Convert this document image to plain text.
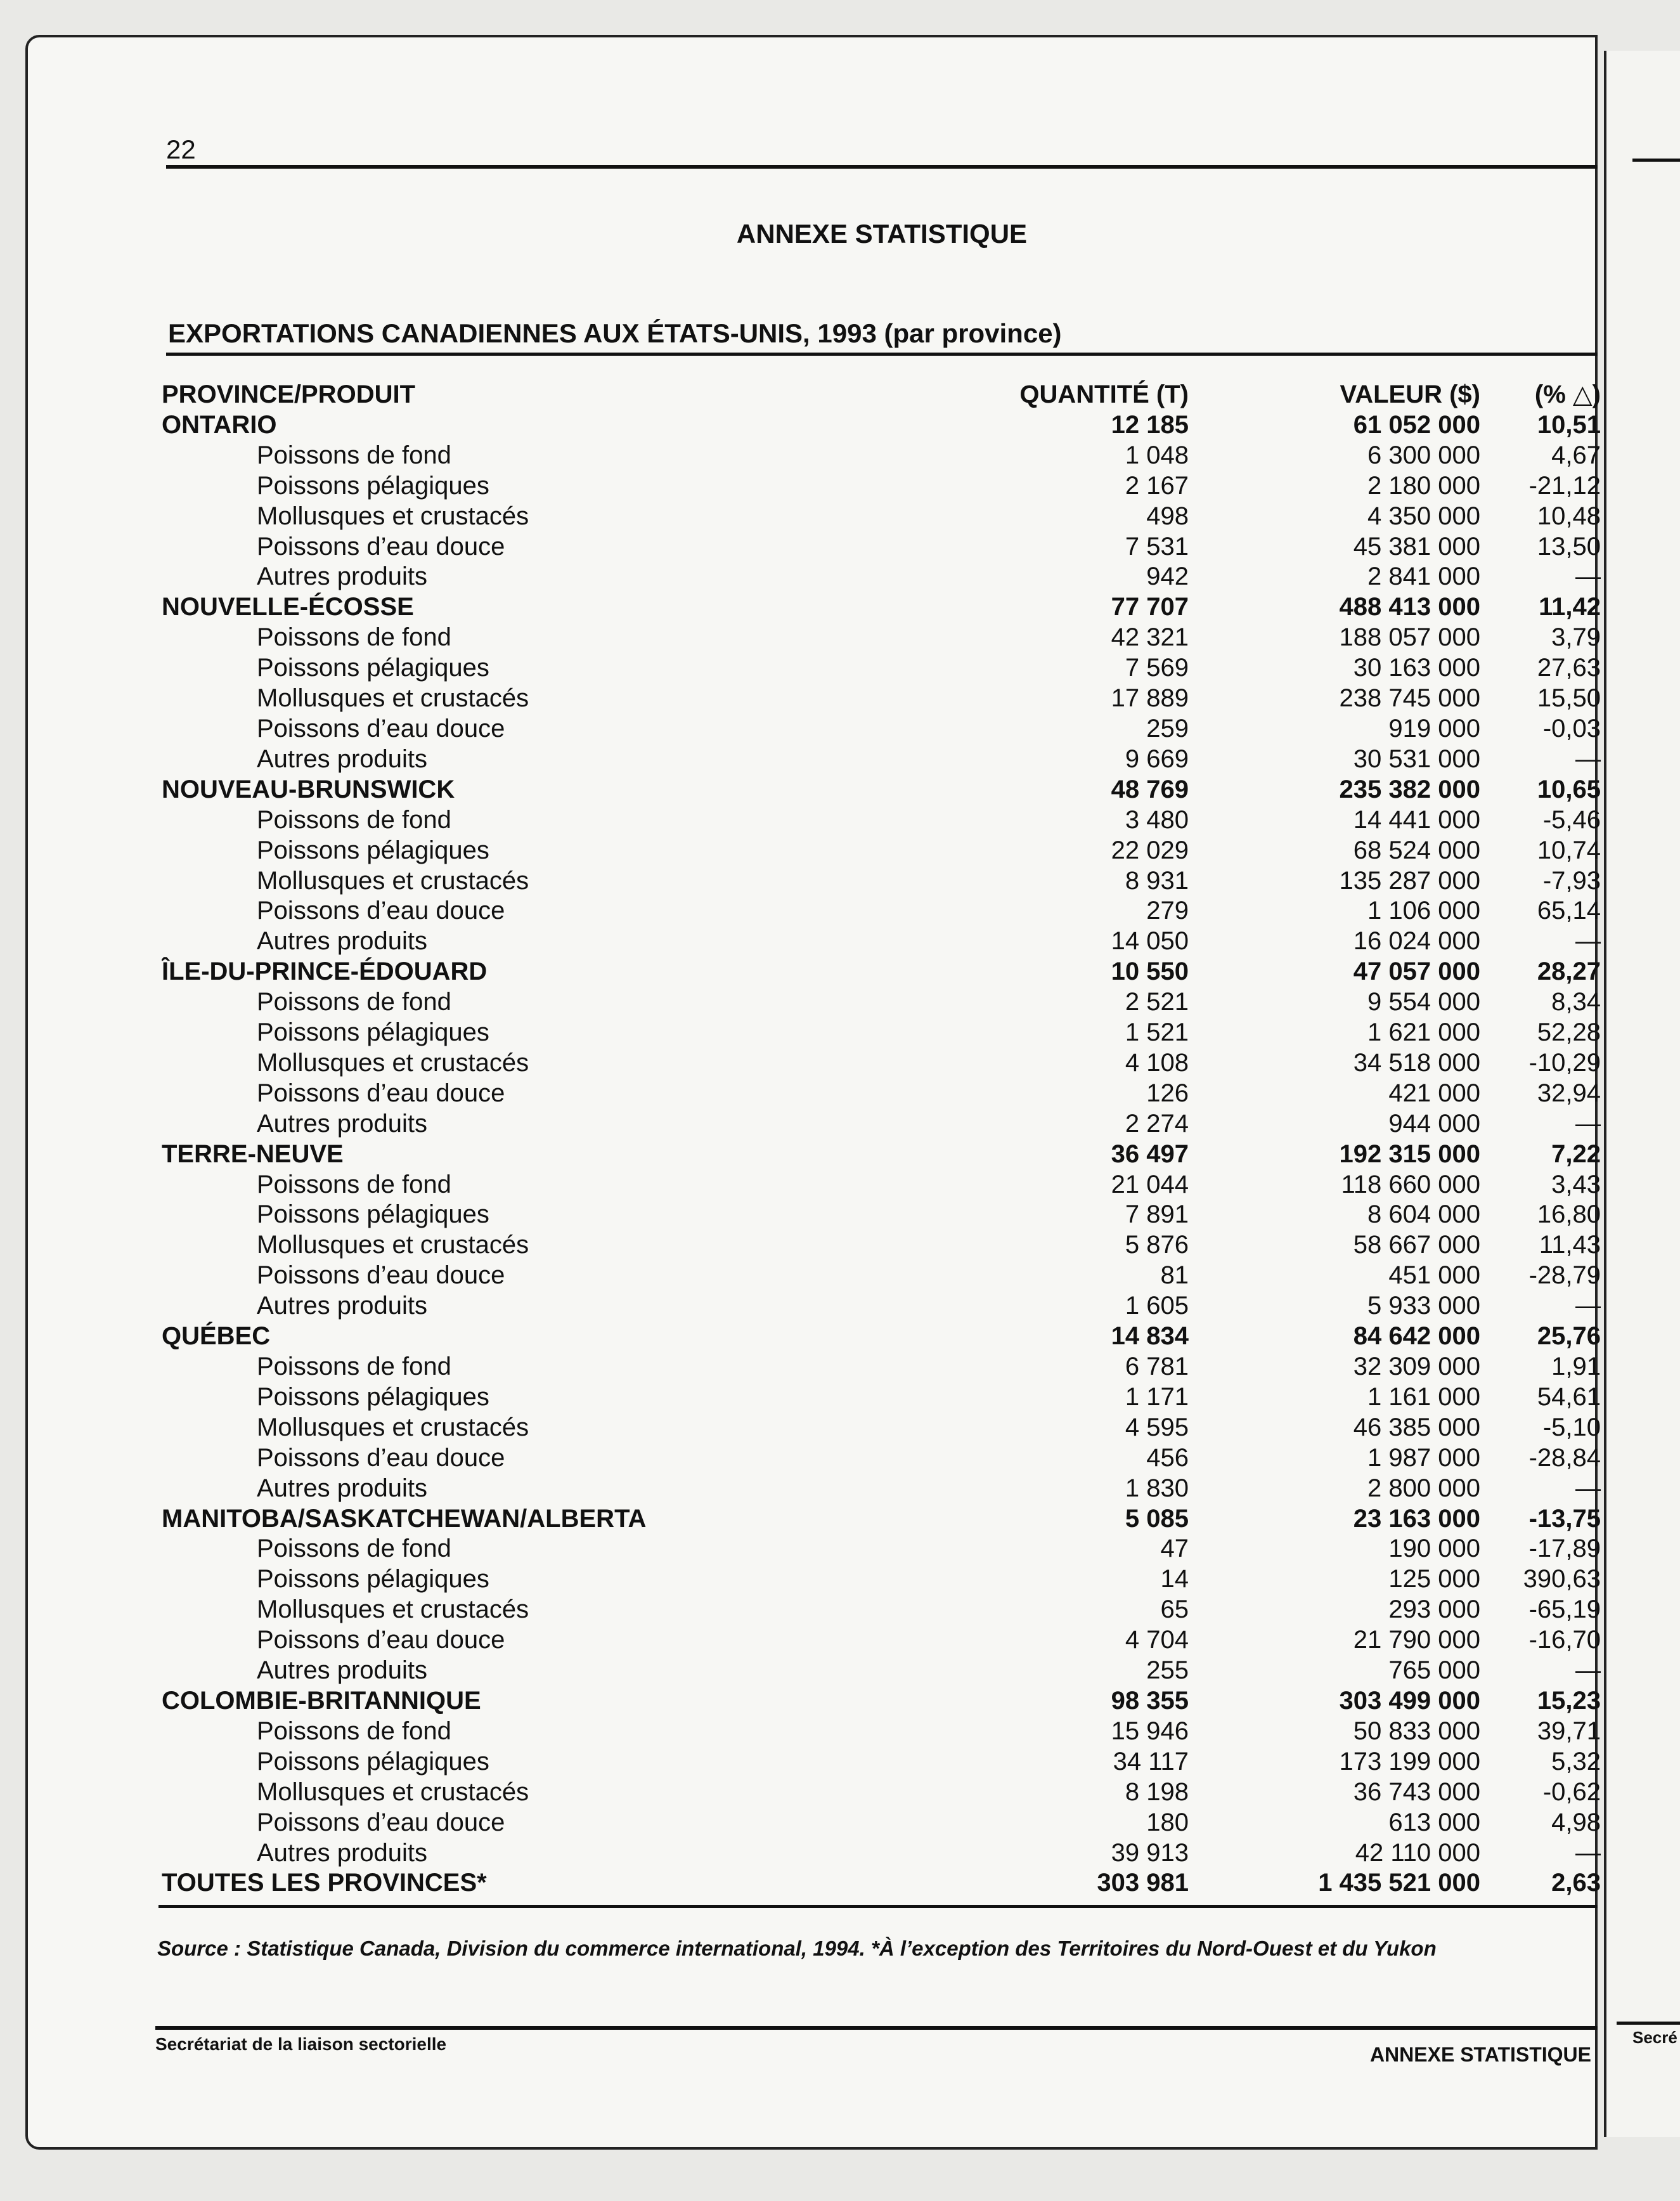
Secré
22
ANNEXE STATISTIQUE
EXPORTATIONS CANADIENNES AUX ÉTATS-UNIS, 1993 (par province)
PROVINCE/PRODUIT	QUANTITÉ (T)	VALEUR ($)	(% △)
ONTARIO	12 185	61 052 000	10,51
Poissons de fond	1 048	6 300 000	4,67
Poissons pélagiques	2 167	2 180 000	-21,12
Mollusques et crustacés	498	4 350 000	10,48
Poissons d’eau douce	7 531	45 381 000	13,50
Autres produits	942	2 841 000	—
NOUVELLE-ÉCOSSE	77 707	488 413 000	11,42
Poissons de fond	42 321	188 057 000	3,79
Poissons pélagiques	7 569	30 163 000	27,63
Mollusques et crustacés	17 889	238 745 000	15,50
Poissons d’eau douce	259	919 000	-0,03
Autres produits	9 669	30 531 000	—
NOUVEAU-BRUNSWICK	48 769	235 382 000	10,65
Poissons de fond	3 480	14 441 000	-5,46
Poissons pélagiques	22 029	68 524 000	10,74
Mollusques et crustacés	8 931	135 287 000	-7,93
Poissons d’eau douce	279	1 106 000	65,14
Autres produits	14 050	16 024 000	—
ÎLE-DU-PRINCE-ÉDOUARD	10 550	47 057 000	28,27
Poissons de fond	2 521	9 554 000	8,34
Poissons pélagiques	1 521	1 621 000	52,28
Mollusques et crustacés	4 108	34 518 000	-10,29
Poissons d’eau douce	126	421 000	32,94
Autres produits	2 274	944 000	—
TERRE-NEUVE	36 497	192 315 000	7,22
Poissons de fond	21 044	118 660 000	3,43
Poissons pélagiques	7 891	8 604 000	16,80
Mollusques et crustacés	5 876	58 667 000	11,43
Poissons d’eau douce	81	451 000	-28,79
Autres produits	1 605	5 933 000	—
QUÉBEC	14 834	84 642 000	25,76
Poissons de fond	6 781	32 309 000	1,91
Poissons pélagiques	1 171	1 161 000	54,61
Mollusques et crustacés	4 595	46 385 000	-5,10
Poissons d’eau douce	456	1 987 000	-28,84
Autres produits	1 830	2 800 000	—
MANITOBA/SASKATCHEWAN/ALBERTA	5 085	23 163 000	-13,75
Poissons de fond	47	190 000	-17,89
Poissons pélagiques	14	125 000	390,63
Mollusques et crustacés	65	293 000	-65,19
Poissons d’eau douce	4 704	21 790 000	-16,70
Autres produits	255	765 000	—
COLOMBIE-BRITANNIQUE	98 355	303 499 000	15,23
Poissons de fond	15 946	50 833 000	39,71
Poissons pélagiques	34 117	173 199 000	5,32
Mollusques et crustacés	8 198	36 743 000	-0,62
Poissons d’eau douce	180	613 000	4,98
Autres produits	39 913	42 110 000	—
TOUTES LES PROVINCES*	303 981	1 435 521 000	2,63
Source : Statistique Canada, Division du commerce international, 1994. *À l’exception des Territoires du Nord-Ouest et du Yukon
Secrétariat de la liaison sectorielle	ANNEXE STATISTIQUE
